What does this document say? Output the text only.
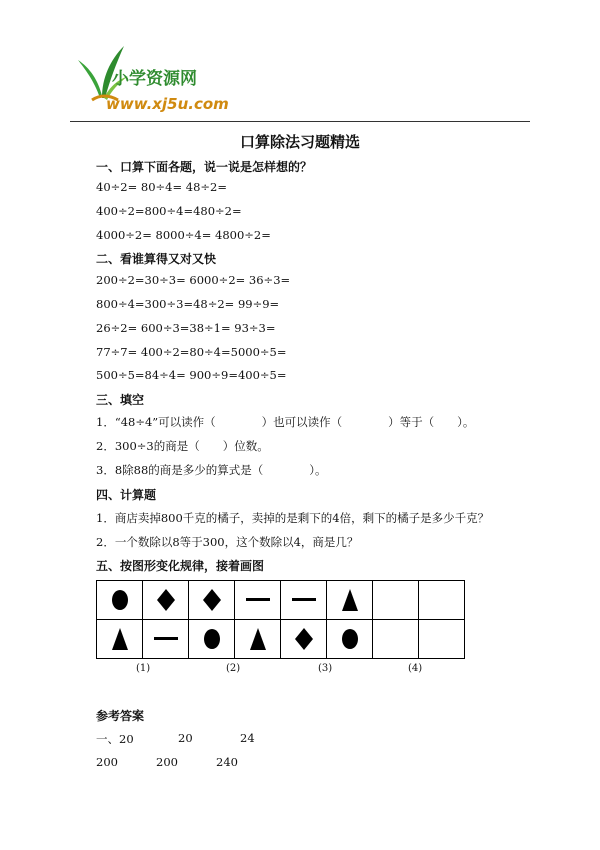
小学资源网
www.xj5u.com
口算除法习题精选
一、口算下面各题，说一说是怎样想的？
40÷2= 80÷4= 48÷2=
400÷2=800÷4=480÷2=
4000÷2= 8000÷4= 4800÷2=
二、看谁算得又对又快
200÷2=30÷3= 6000÷2= 36÷3=
800÷4=300÷3=48÷2= 99÷9=
26÷2= 600÷3=38÷1= 93÷3=
77÷7= 400÷2=80÷4=5000÷5=
500÷5=84÷4= 900÷9=400÷5=
三、填空
1．“48÷4”可以读作（　　　　）也可以读作（　　　　）等于（　　）。
2．300÷3的商是（　　）位数。
3．8除88的商是多少的算式是（　　　　）。
四、计算题
1．商店卖掉800千克的橘子，卖掉的是剩下的4倍，剩下的橘子是多少千克？
2．一个数除以8等于300，这个数除以4，商是几？
五、按图形变化规律，接着画图

(1)	(2)	(3)	(4)
参考答案
一、20	20	24
200	200	240
